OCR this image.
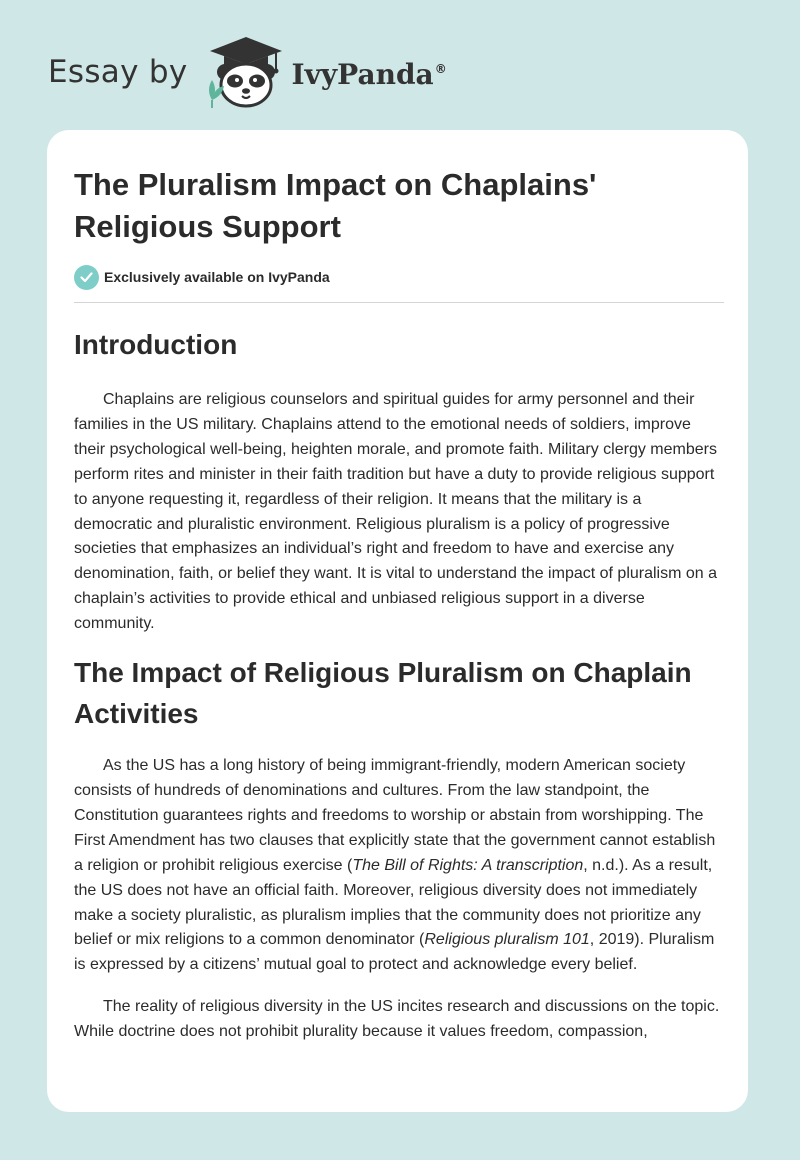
Essay by	IvyPanda®
The Pluralism Impact on Chaplains' Religious Support
Exclusively available on IvyPanda
Introduction

Chaplains are religious counselors and spiritual guides for army personnel and their families in the US military. Chaplains attend to the emotional needs of soldiers, improve their psychological well-being, heighten morale, and promote faith. Military clergy members perform rites and minister in their faith tradition but have a duty to provide religious support to anyone requesting it, regardless of their religion. It means that the military is a democratic and pluralistic environment. Religious pluralism is a policy of progressive societies that emphasizes an individual’s right and freedom to have and exercise any denomination, faith, or belief they want. It is vital to understand the impact of pluralism on a chaplain’s activities to provide ethical and unbiased religious support in a diverse community.

The Impact of Religious Pluralism on Chaplain Activities

As the US has a long history of being immigrant-friendly, modern American society consists of hundreds of denominations and cultures. From the law standpoint, the Constitution guarantees rights and freedoms to worship or abstain from worshipping. The First Amendment has two clauses that explicitly state that the government cannot establish a religion or prohibit religious exercise (The Bill of Rights: A transcription, n.d.). As a result, the US does not have an official faith. Moreover, religious diversity does not immediately make a society pluralistic, as pluralism implies that the community does not prioritize any belief or mix religions to a common denominator (Religious pluralism 101, 2019). Pluralism is expressed by a citizens’ mutual goal to protect and acknowledge every belief.

The reality of religious diversity in the US incites research and discussions on the topic. While doctrine does not prohibit plurality because it values freedom, compassion,
